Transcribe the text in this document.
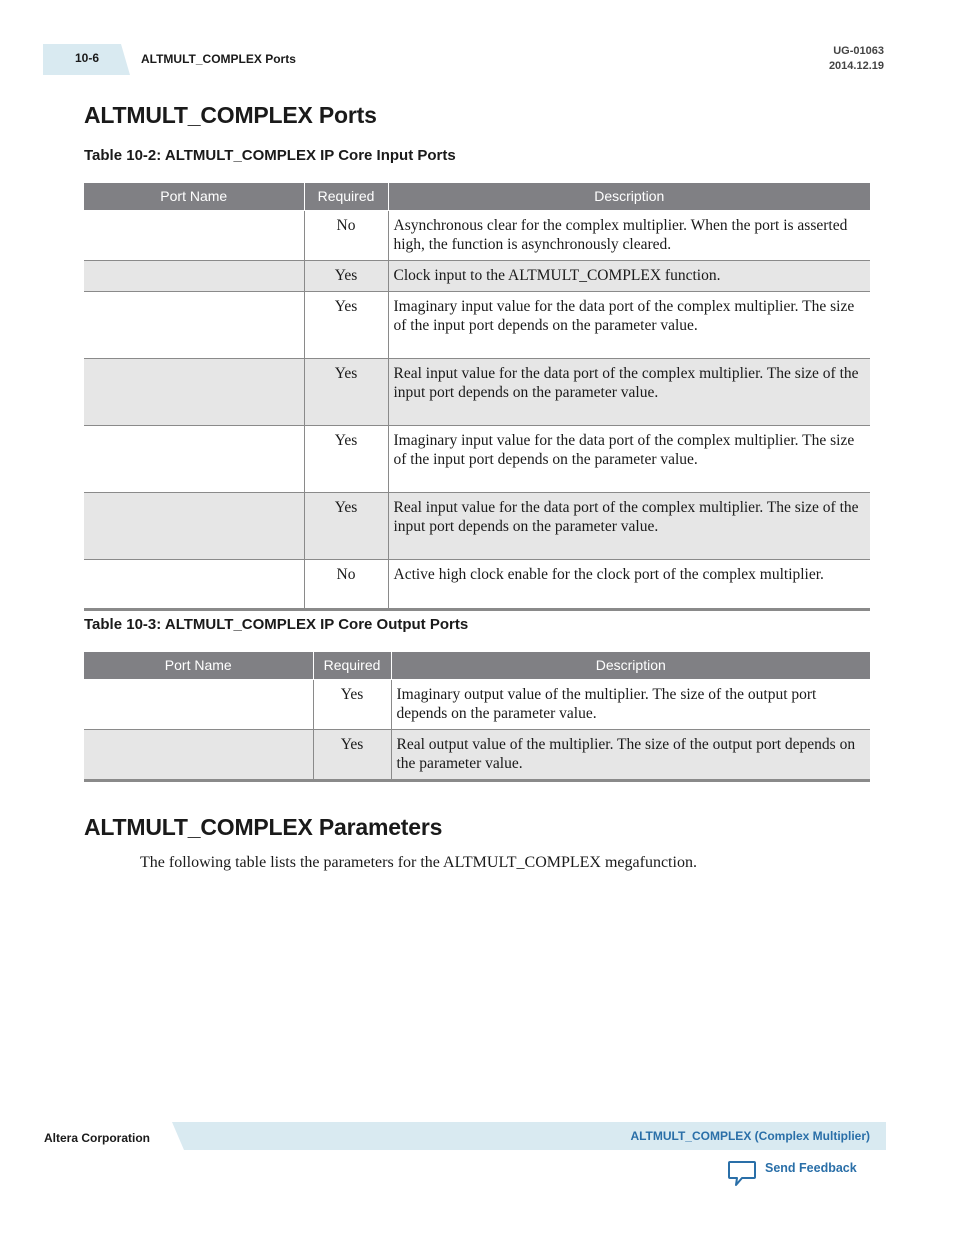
10-6	ALTMULT_COMPLEX Ports
UG-01063
2014.12.19
ALTMULT_COMPLEX Ports

Table 10-2: ALTMULT_COMPLEX IP Core Input Ports

Port Name	Required	Description
	No	Asynchronous clear for the complex multiplier. When the port is asserted high, the function is asynchronously cleared.
	Yes	Clock input to the ALTMULT_COMPLEX function.
	Yes	Imaginary input value for the data port of the complex multiplier. The size of the input port depends on the parameter value.
	Yes	Real input value for the data port of the complex multiplier. The size of the input port depends on the parameter value.
	Yes	Imaginary input value for the data port of the complex multiplier. The size of the input port depends on the parameter value.
	Yes	Real input value for the data port of the complex multiplier. The size of the input port depends on the parameter value.
	No	Active high clock enable for the clock port of the complex multiplier.

Table 10-3: ALTMULT_COMPLEX IP Core Output Ports

Port Name	Required	Description
	Yes	Imaginary output value of the multiplier. The size of the output port depends on the parameter value.
	Yes	Real output value of the multiplier. The size of the output port depends on the parameter value.
ALTMULT_COMPLEX Parameters

The following table lists the parameters for the ALTMULT_COMPLEX megafunction.

Altera Corporation	ALTMULT_COMPLEX (Complex Multiplier)
Send Feedback
